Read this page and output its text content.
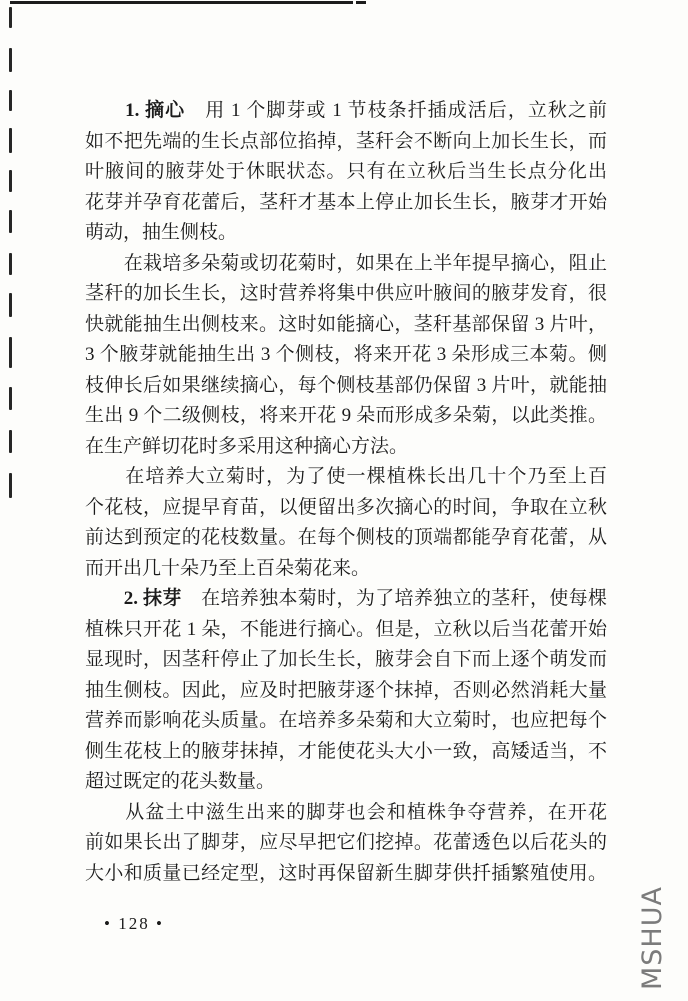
　　1. 摘心　用 1 个脚芽或 1 节枝条扦插成活后，立秋之前
如不把先端的生长点部位掐掉，茎秆会不断向上加长生长，而
叶腋间的腋芽处于休眠状态。只有在立秋后当生长点分化出
花芽并孕育花蕾后，茎秆才基本上停止加长生长，腋芽才开始
萌动，抽生侧枝。
　　在栽培多朵菊或切花菊时，如果在上半年提早摘心，阻止
茎秆的加长生长，这时营养将集中供应叶腋间的腋芽发育，很
快就能抽生出侧枝来。这时如能摘心，茎秆基部保留 3 片叶，
3 个腋芽就能抽生出 3 个侧枝，将来开花 3 朵形成三本菊。侧
枝伸长后如果继续摘心，每个侧枝基部仍保留 3 片叶，就能抽
生出 9 个二级侧枝，将来开花 9 朵而形成多朵菊，以此类推。
在生产鲜切花时多采用这种摘心方法。
　　在培养大立菊时，为了使一棵植株长出几十个乃至上百
个花枝，应提早育苗，以便留出多次摘心的时间，争取在立秋
前达到预定的花枝数量。在每个侧枝的顶端都能孕育花蕾，从
而开出几十朵乃至上百朵菊花来。
　　2. 抹芽　在培养独本菊时，为了培养独立的茎秆，使每棵
植株只开花 1 朵，不能进行摘心。但是，立秋以后当花蕾开始
显现时，因茎秆停止了加长生长，腋芽会自下而上逐个萌发而
抽生侧枝。因此，应及时把腋芽逐个抹掉，否则必然消耗大量
营养而影响花头质量。在培养多朵菊和大立菊时，也应把每个
侧生花枝上的腋芽抹掉，才能使花头大小一致，高矮适当，不
超过既定的花头数量。
　　从盆土中滋生出来的脚芽也会和植株争夺营养，在开花
前如果长出了脚芽，应尽早把它们挖掉。花蕾透色以后花头的
大小和质量已经定型，这时再保留新生脚芽供扦插繁殖使用。
• 128 •	MSHUA
